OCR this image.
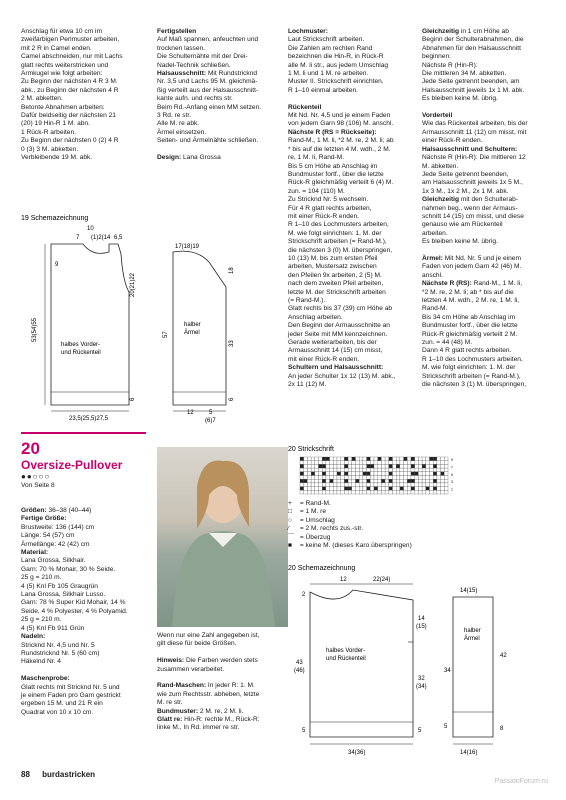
Anschlag für etwa 10 cm im
zweifarbigen Perlmuster arbeiten,
mit 2 R in Camel enden.
Camel abschneiden, nur mit Lachs
glatt rechts weiterstricken und
Armkugel wie folgt arbeiten:
Zu Beginn der nächsten 4 R 3 M.
abk., zu Beginn der nächsten 4 R
2 M. abketten.
Betonte Abnahmen arbeiten:
Dafür beidseitig der nächsten 21
(20) 19 Hin-R 1 M. abn.
1 Rück-R arbeiten.
Zu Beginn der nächsten 0 (2) 4 R
0 (3) 3 M. abketten.
Verbleibende 19 M. abk.
Fertigstellen
Auf Maß spannen, anfeuchten und
trocknen lassen.
Die Schulternähte mit der Drei-
Nadel-Technik schließen.
Halsausschnitt: Mit Rundstricknd
Nr. 3,5 und Lachs 95 M. gleichmä-
ßig verteilt aus der Halsausschnitt-
kante aufn. und rechts str.
Beim Rd.-Anfang einen MM setzen.
3 Rd. re str.
Alle M. re abk.
Ärmel einsetzen.
Seiten- und Ärmelnähte schließen.

Design: Lana Grossa
Lochmuster:
Laut Strickschrift arbeiten.
Die Zahlen am rechten Rand
bezeichnen die Hin-R, in Rück-R
alle M. li str., aus jedem Umschlag
1 M. li und 1 M. re arbeiten.
Muster II. Strickschrift einrichten.
R 1–10 einmal arbeiten.

Rückenteil
Mit Nd. Nr. 4,5 und je einem Faden
von jedem Garn 98 (106) M. anschl.
Nächste R (RS = Rückseite):
Rand-M., 1 M. li, *2 M. re, 2 M. li; ab
* bis auf die letzten 4 M. wdh., 2 M.
re, 1 M. li, Rand-M.
Bis 5 cm Höhe ab Anschlag im
Bundmuster fortf., über die letzte
Rück-R gleichmäßig verteilt 6 (4) M.
zun. = 104 (110) M.
Zu Stricknd Nr. 5 wechseln.
Für 4 R glatt rechts arbeiten,
mit einer Rück-R enden.
R 1–10 des Lochmusters arbeiten,
M. wie folgt einrichten: 1. M. der
Strickschrift arbeiten (= Rand-M.),
die nächsten 3 (0) M. überspringen,
10 (13) M. bis zum ersten Pfeil
arbeiten, Mustersatz zwischen
den Pfeilen 9x arbeiten, 2 (5) M.
nach dem zweiten Pfeil arbeiten,
letzte M. der Strickschrift arbeiten
(= Rand-M.).
Glatt rechts bis 37 (39) cm Höhe ab
Anschlag arbeiten.
Den Beginn der Armausschnitte an
jeder Seite mit MM kennzeichnen.
Gerade weiterarbeiten, bis der
Armausschnitt 14 (15) cm misst,
mit einer Rück-R enden.
Schultern und Halsausschnitt:
An jeder Schulter 1x 12 (13) M. abk.,
2x 11 (12) M.
Gleichzeitig in 1 cm Höhe ab
Beginn der Schulterabnahmen, die
Abnahmen für den Halsausschnitt
beginnen:
Nächste R (Hin-R):
Die mittleren 34 M. abketten.
Jede Seite getrennt beenden, am
Halsausschnitt jeweils 1x 1 M. abk.
Es bleiben keine M. übrig.

Vorderteil
Wie das Rückenteil arbeiten, bis der
Armausschnitt 11 (12) cm misst, mit
einer Rück-R enden.
Halsausschnitt und Schultern:
Nächste R (Hin-R): Die mittleren 12
M. abketten.
Jede Seite getrennt beenden,
am Halsausschnitt jeweils 1x 5 M.,
1x 3 M., 1x 2 M., 2x 1 M. abk.
Gleichzeitig mit den Schulterab-
nahmen beg., wenn der Armaus-
schnitt 14 (15) cm misst, und diese
genauso wie am Rückenteil
arbeiten.
Es bleiben keine M. übrig.

Ärmel: Mit Nd. Nr. 5 und je einem
Faden von jedem Garn 42 (46) M.
anschl.
Nächste R (RS): Rand-M., 1 M. li,
*2 M. re, 2 M. li; ab * bis auf die
letzten 4 M. wdh., 2 M. re, 1 M. li,
Rand-M.
Bis 34 cm Höhe ab Anschlag im
Bundmuster fortf., über die letzte
Rück-R gleichmäßig verteilt 2 M.
zun. = 44 (48) M.
Dann 4 R glatt rechts arbeiten.
R 1–10 des Lochmusters arbeiten,
M. wie folgt einrichten: 1. M. der
Strickschrift arbeiten (= Rand-M.),
die nächsten 3 (1) M. überspringen,
19 Schemazeichnung
10
7 (1)2(14 6,5
9
53(54)55
20(21)22
6
halbes Vorder-
und Rückenteil
23,5(25,5)27,5
17(18)19
18
57
halber
Ärmel
33
6
12	5
(6)7
20
Oversize-Pullover
●●○○○
Von Seite 8
Größen: 36–38 (40–44)
Fertige Größe:
Brustweite: 136 (144) cm
Länge: 54 (57) cm
Ärmellänge: 42 (42) cm
Material:
Lana Grossa, Silkhair.
Garn: 70 % Mohair, 30 % Seide.
25 g = 210 m.
4 (5) Knl Fb 105 Graugrün
Lana Grossa, Silkhair Lusso.
Garn: 78 % Super Kid Mohair, 14 %
Seide, 4 % Polyester, 4 % Polyamid.
25 g = 210 m.
4 (5) Knl Fb 911 Grün
Nadeln:
Stricknd Nr. 4,5 und Nr. 5
Rundstricknd Nr. 5 (60 cm)
Häkelnd Nr. 4

Maschenprobe:
Glatt rechts mit Stricknd Nr. 5 und
je einem Faden pro Garn gestrickt
ergeben 15 M. und 21 R ein
Quadrat von 10 x 10 cm.
Wenn nur eine Zahl angegeben ist,
gilt diese für beide Größen.

Hinweis: Die Farben werden stets
zusammen verarbeitet.

Rand-Maschen: In jeder R: 1. M.
wie zum Rechtsstr. abheben, letzte
M. re str.
Bundmuster: 2 M. re, 2 M. li.
Glatt re: Hin-R: rechte M., Rück-R:
linke M., In Rd. immer re str.
20 Strickschrift
9
7
5
3
1
+ = Rand-M.
□ = 1 M. re
○ = Umschlag
⁄ = 2 M. rechts zus.-str.
⌒ = Überzug
■ = keine M. (dieses Karo überspringen)
20 Schemazeichnung
12	22(24)
2
43
(46)
5
halbes Vorder-
und Rückenteil
14
(15)
32
(34)
5
34(36)
14(15)
halber
Ärmel
34
42
5	8
14(16)
88 burdastricken
PassionForum.ru
